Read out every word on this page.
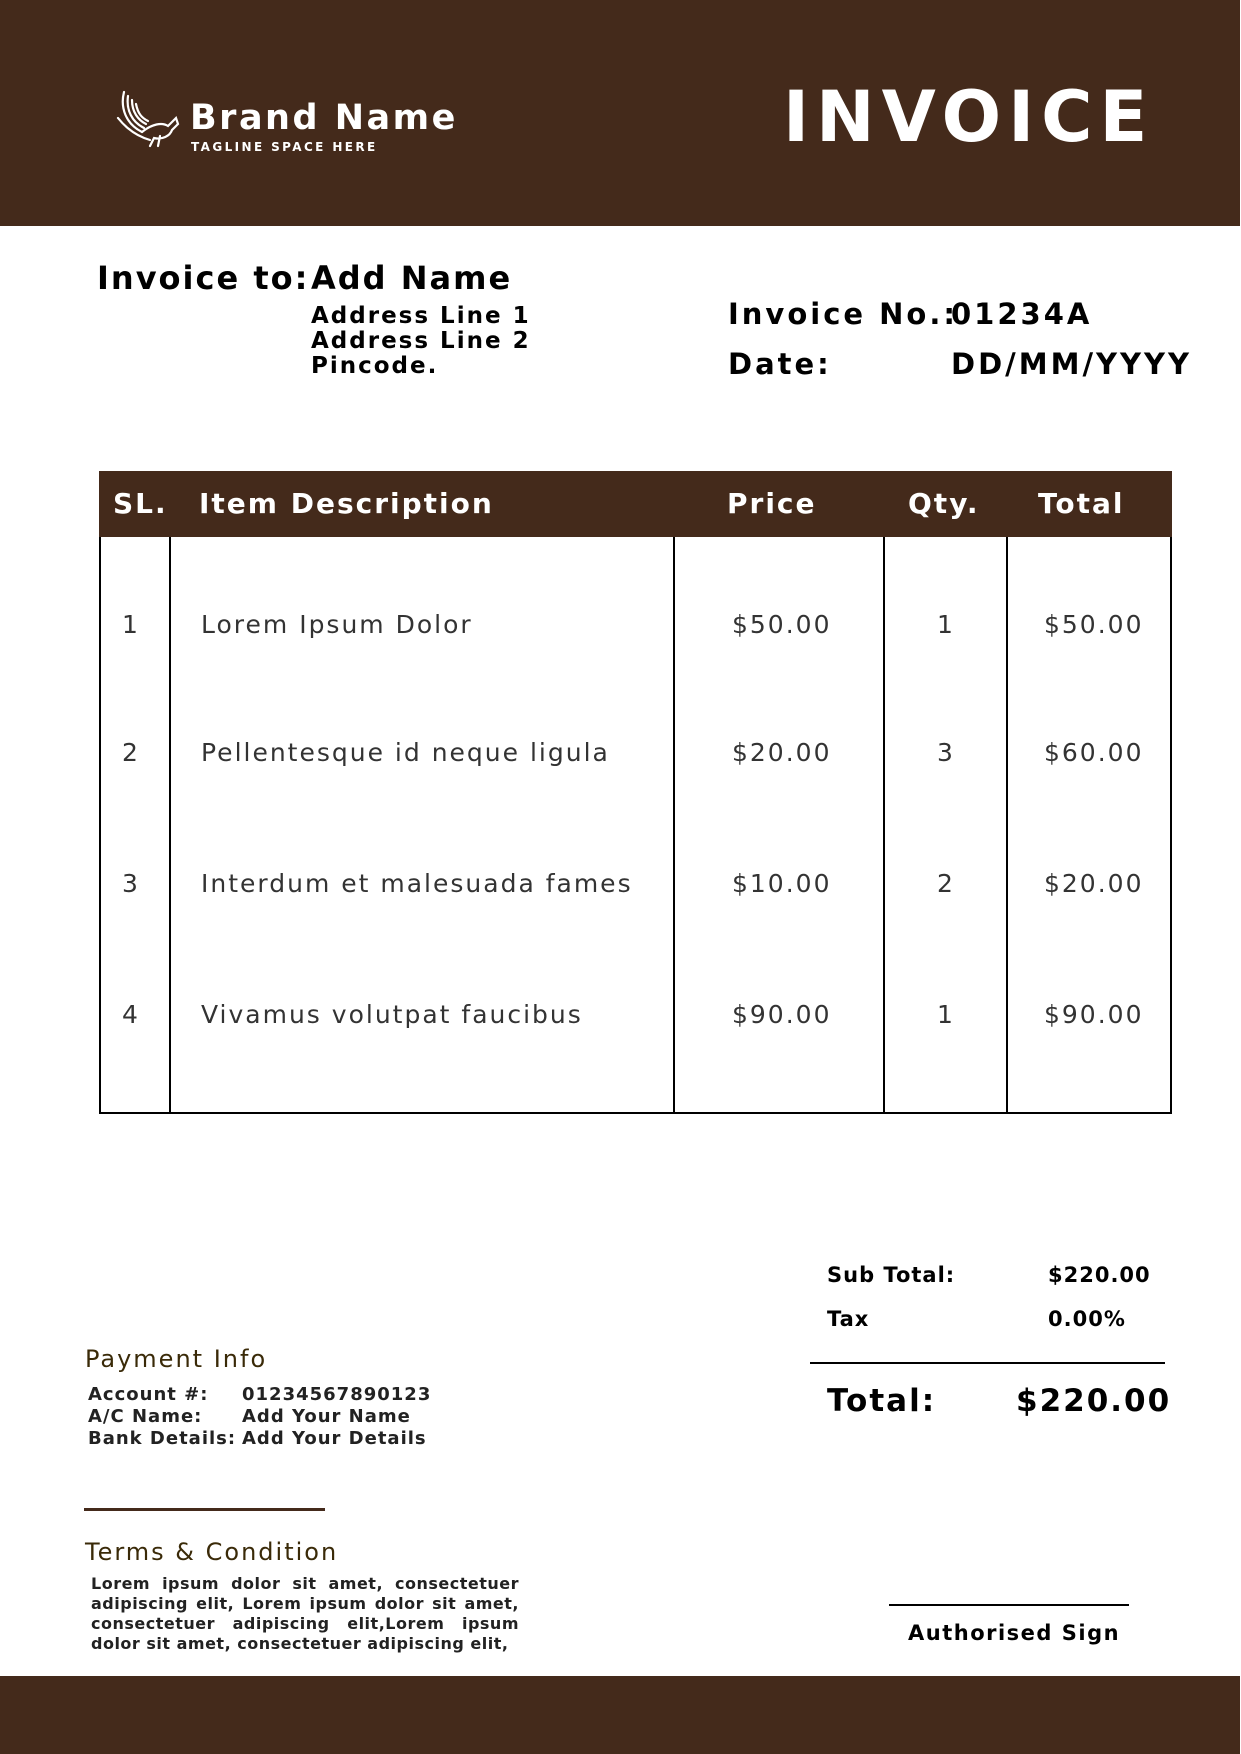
Brand Name
TAGLINE SPACE HERE	INVOICE
Invoice to: Add Name
Address Line 1
Address Line 2
Pincode.
Invoice No.:
01234A
Date:	DD/MM/YYYY
SL. Item Description	Price	Qty. Total
1 Lorem Ipsum Dolor	$50.00	1	$50.00
2 Pellentesque id neque ligula	$20.00	3	$60.00
3 Interdum et malesuada fames	$10.00	2	$20.00
4 Vivamus volutpat faucibus	$90.00	1	$90.00
Sub Total:	$220.00
Tax	0.00%
Total:	$220.00
Payment Info
Account #: 01234567890123
A/C Name: Add Your Name
Bank Details: Add Your Details
Terms & Condition
Lorem ipsum dolor sit amet, consectetuer adipiscing elit, Lorem ipsum dolor sit amet, consectetuer adipiscing elit,Lorem ipsum dolor sit amet, consectetuer adipiscing elit,	Authorised Sign
